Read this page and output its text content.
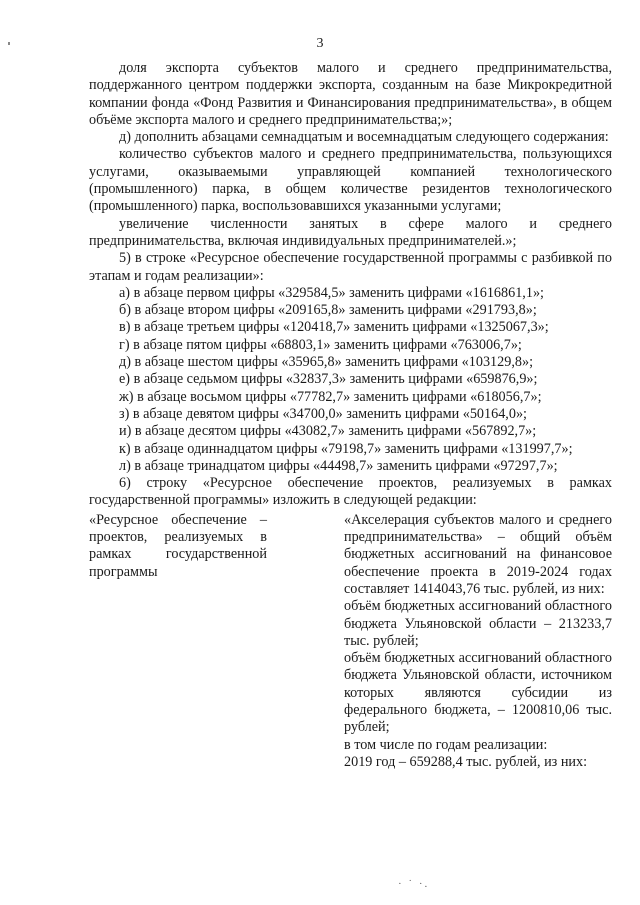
3

доля экспорта субъектов малого и среднего предпринимательства, поддержанного центром поддержки экспорта, созданным на базе Микрокредитной компании фонда «Фонд Развития и Финансирования предпринимательства», в общем объёме экспорта малого и среднего предпринимательства;»;

д) дополнить абзацами семнадцатым и восемнадцатым следующего содержания:

количество субъектов малого и среднего предпринимательства, пользующихся услугами, оказываемыми управляющей компанией технологического (промышленного) парка, в общем количестве резидентов технологического (промышленного) парка, воспользовавшихся указанными услугами;

увеличение численности занятых в сфере малого и среднего предпринимательства, включая индивидуальных предпринимателей.»;

5) в строке «Ресурсное обеспечение государственной программы с разбивкой по этапам и годам реализации»:

а) в абзаце первом цифры «329584,5» заменить цифрами «1616861,1»;

б) в абзаце втором цифры «209165,8» заменить цифрами «291793,8»;

в) в абзаце третьем цифры «120418,7» заменить цифрами «1325067,3»;

г) в абзаце пятом цифры «68803,1» заменить цифрами «763006,7»;

д) в абзаце шестом цифры «35965,8» заменить цифрами «103129,8»;

е) в абзаце седьмом цифры «32837,3» заменить цифрами «659876,9»;

ж) в абзаце восьмом цифры «77782,7» заменить цифрами «618056,7»;

з) в абзаце девятом цифры «34700,0» заменить цифрами «50164,0»;

и) в абзаце десятом цифры «43082,7» заменить цифрами «567892,7»;

к) в абзаце одиннадцатом цифры «79198,7» заменить цифрами «131997,7»;

л) в абзаце тринадцатом цифры «44498,7» заменить цифрами «97297,7»;

6) строку «Ресурсное обеспечение проектов, реализуемых в рамках государственной программы» изложить в следующей редакции:

«Ресурсное обеспечение – проектов, реализуемых в рамках государственной программы

«Акселерация субъектов малого и среднего предпринимательства» – общий объём бюджетных ассигнований на финансовое обеспечение проекта в 2019-2024 годах составляет 1414043,76 тыс. рублей, из них:

объём бюджетных ассигнований областного бюджета Ульяновской области – 213233,7 тыс. рублей;

объём бюджетных ассигнований областного бюджета Ульяновской области, источником которых являются субсидии из федерального бюджета, – 1200810,06 тыс. рублей;

в том числе по годам реализации:

2019 год – 659288,4 тыс. рублей, из них:

· ˙ ·.
